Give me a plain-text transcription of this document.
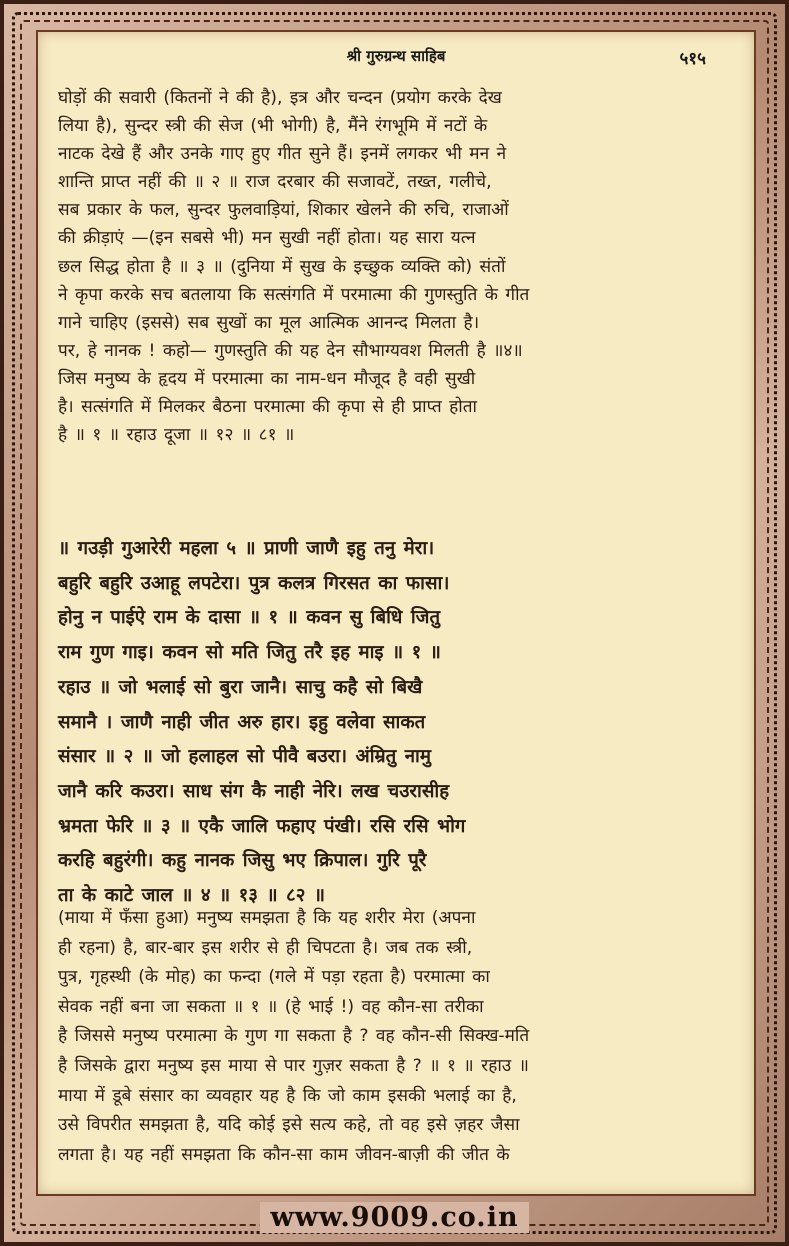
श्री गुरुग्रन्थ साहिब	५१५
घोड़ों की सवारी (कितनों ने की है), इत्र और चन्दन (प्रयोग करके देख
लिया है), सुन्दर स्त्री की सेज (भी भोगी) है, मैंने रंगभूमि में नटों के
नाटक देखे हैं और उनके गाए हुए गीत सुने हैं। इनमें लगकर भी मन ने
शान्ति प्राप्त नहीं की ॥ २ ॥ राज दरबार की सजावटें, तख्त, गलीचे,
सब प्रकार के फल, सुन्दर फुलवाड़ियां, शिकार खेलने की रुचि, राजाओं
की क्रीड़ाएं —(इन सबसे भी) मन सुखी नहीं होता। यह सारा यत्न
छल सिद्ध होता है ॥ ३ ॥ (दुनिया में सुख के इच्छुक व्यक्ति को) संतों
ने कृपा करके सच बतलाया कि सत्संगति में परमात्मा की गुणस्तुति के गीत
गाने चाहिए (इससे) सब सुखों का मूल आत्मिक आनन्द मिलता है।
पर, हे नानक ! कहो— गुणस्तुति की यह देन सौभाग्यवश मिलती है ॥४॥
जिस मनुष्य के हृदय में परमात्मा का नाम-धन मौजूद है वही सुखी
है। सत्संगति में मिलकर बैठना परमात्मा की कृपा से ही प्राप्त होता
है ॥ १ ॥ रहाउ दूजा ॥ १२ ॥ ८१ ॥
॥ गउड़ी गुआरेरी महला ५ ॥ प्राणी जाणै इहु तनु मेरा।
बहुरि बहुरि उआहू लपटेरा। पुत्र कलत्र गिरसत का फासा।
होनु न पाईऐ राम के दासा ॥ १ ॥ कवन सु बिधि जितु
राम गुण गाइ। कवन सो मति जितु तरै इह माइ ॥ १ ॥
रहाउ ॥ जो भलाई सो बुरा जानै। साचु कहै सो बिखै
समानै । जाणै नाही जीत अरु हार। इहु वलेवा साकत
संसार ॥ २ ॥ जो हलाहल सो पीवै बउरा। अंम्रितु नामु
जानै करि कउरा। साध संग कै नाही नेरि। लख चउरासीह
भ्रमता फेरि ॥ ३ ॥ एकै जालि फहाए पंखी। रसि रसि भोग
करहि बहुरंगी। कहु नानक जिसु भए क्रिपाल। गुरि पूरै
ता के काटे जाल ॥ ४ ॥ १३ ॥ ८२ ॥
(माया में फँसा हुआ) मनुष्य समझता है कि यह शरीर मेरा (अपना
ही रहना) है, बार-बार इस शरीर से ही चिपटता है। जब तक स्त्री,
पुत्र, गृहस्थी (के मोह) का फन्दा (गले में पड़ा रहता है) परमात्मा का
सेवक नहीं बना जा सकता ॥ १ ॥ (हे भाई !) वह कौन-सा तरीका
है जिससे मनुष्य परमात्मा के गुण गा सकता है ? वह कौन-सी सिक्ख-मति
है जिसके द्वारा मनुष्य इस माया से पार गुज़र सकता है ? ॥ १ ॥ रहाउ ॥
माया में डूबे संसार का व्यवहार यह है कि जो काम इसकी भलाई का है,
उसे विपरीत समझता है, यदि कोई इसे सत्य कहे, तो वह इसे ज़हर जैसा
लगता है। यह नहीं समझता कि कौन-सा काम जीवन-बाज़ी की जीत के
www.9009.co.in
